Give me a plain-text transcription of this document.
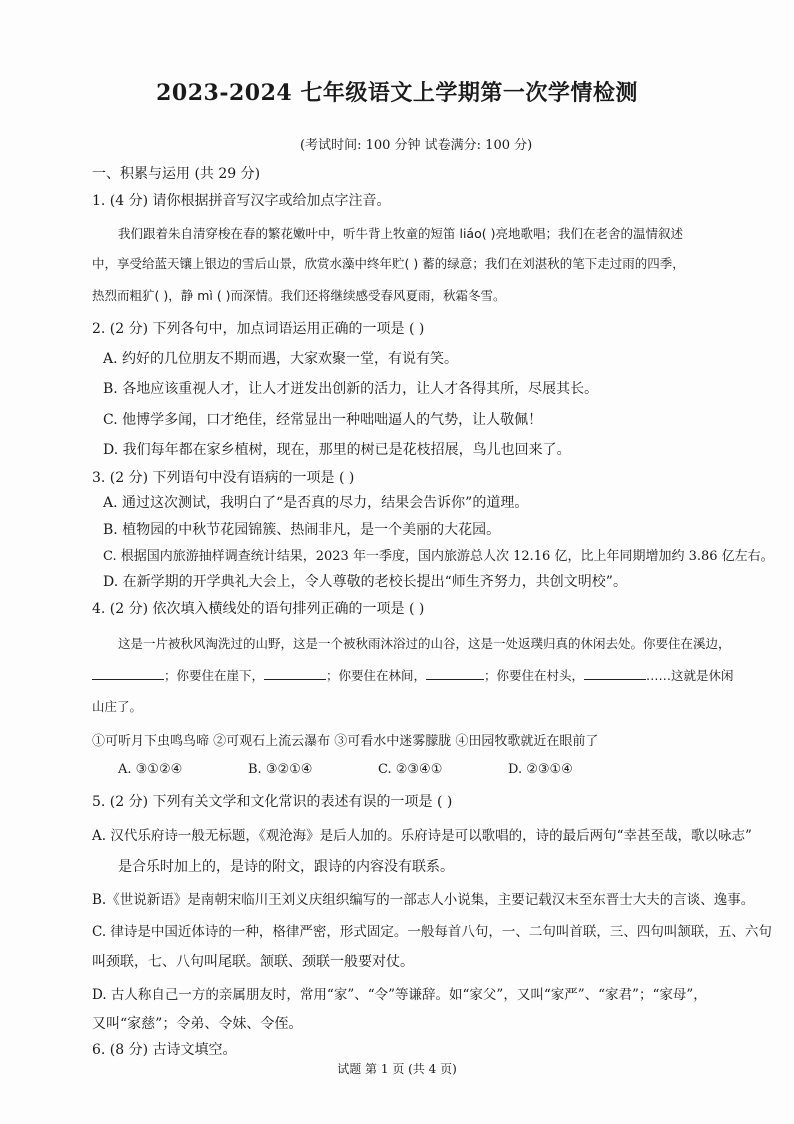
2023-2024 七年级语文上学期第一次学情检测
(考试时间: 100 分钟 试卷满分: 100 分)
一、积累与运用 (共 29 分)
1. (4 分) 请你根据拼音写汉字或给加点字注音。
我们跟着朱自清穿梭在春的繁花嫩叶中，听牛背上牧童的短笛 liáo( )亮地歌唱；我们在老舍的温情叙述
中，享受给蓝天镶上银边的雪后山景，欣赏水藻中终年贮( ) 蓄的绿意；我们在刘湛秋的笔下走过雨的四季，
热烈而粗犷( )，静 mì ( )而深情。我们还将继续感受春风夏雨，秋霜冬雪。
2. (2 分) 下列各句中，加点词语运用正确的一项是 ( )
A. 约好的几位朋友不期而遇，大家欢聚一堂，有说有笑。
B. 各地应该重视人才，让人才迸发出创新的活力，让人才各得其所，尽展其长。
C. 他博学多闻，口才绝佳，经常显出一种咄咄逼人的气势，让人敬佩！
D. 我们每年都在家乡植树，现在，那里的树已是花枝招展，鸟儿也回来了。
3. (2 分) 下列语句中没有语病的一项是 ( )
A. 通过这次测试，我明白了“是否真的尽力，结果会告诉你”的道理。
B. 植物园的中秋节花园锦簇、热闹非凡，是一个美丽的大花园。
C. 根据国内旅游抽样调查统计结果，2023 年一季度，国内旅游总人次 12.16 亿，比上年同期增加约 3.86 亿左右。
D. 在新学期的开学典礼大会上，令人尊敬的老校长提出“师生齐努力，共创文明校”。
4. (2 分) 依次填入横线处的语句排列正确的一项是 ( )
这是一片被秋风淘洗过的山野，这是一个被秋雨沐浴过的山谷，这是一处返璞归真的休闲去处。你要住在溪边，
；你要住在崖下，	；你要住在林间，	；你要住在村头，	……这就是休闲
山庄了。
①可听月下虫鸣鸟啼 ②可观石上流云瀑布 ③可看水中迷雾朦胧 ④田园牧歌就近在眼前了
A. ③①②④	B. ③②①④	C. ②③④①	D. ②③①④
5. (2 分) 下列有关文学和文化常识的表述有误的一项是 ( )
A. 汉代乐府诗一般无标题，《观沧海》是后人加的。乐府诗是可以歌唱的，诗的最后两句“幸甚至哉，歌以咏志”
是合乐时加上的，是诗的附文，跟诗的内容没有联系。
B.《世说新语》是南朝宋临川王刘义庆组织编写的一部志人小说集，主要记载汉末至东晋士大夫的言谈、逸事。
C. 律诗是中国近体诗的一种，格律严密，形式固定。一般每首八句，一、二句叫首联，三、四句叫颔联，五、六句
叫颈联，七、八句叫尾联。颔联、颈联一般要对仗。
D. 古人称自己一方的亲属朋友时，常用“家”、“令”等谦辞。如“家父”，又叫“家严”、“家君”；“家母”，
又叫“家慈”；令弟、令妹、令侄。
6. (8 分) 古诗文填空。
试题 第 1 页 (共 4 页)
